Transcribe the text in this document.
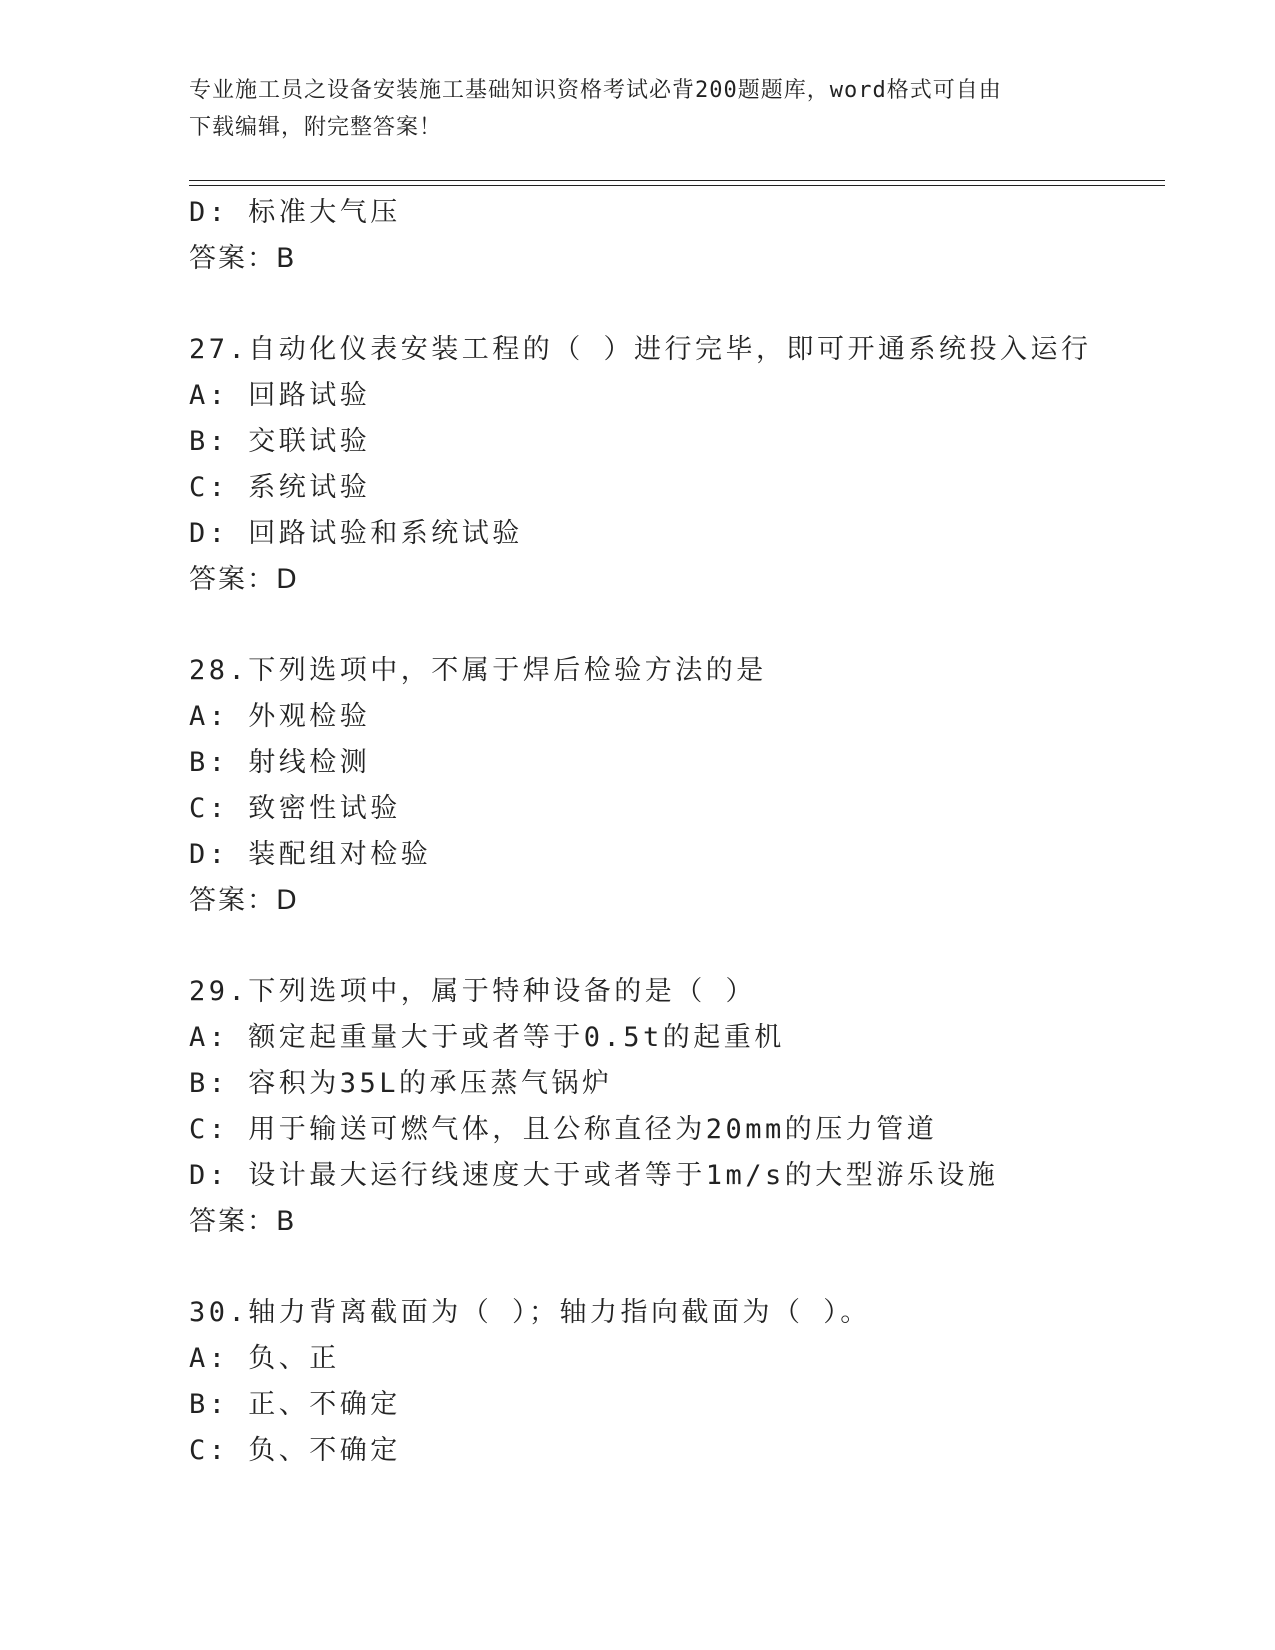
专业施工员之设备安装施工基础知识资格考试必背200题题库，word格式可自由
下载编辑，附完整答案！
D: 标准大气压
答案：B
27.自动化仪表安装工程的（ ）进行完毕，即可开通系统投入运行
A: 回路试验
B: 交联试验
C: 系统试验
D: 回路试验和系统试验
答案：D
28.下列选项中，不属于焊后检验方法的是
A: 外观检验
B: 射线检测
C: 致密性试验
D: 装配组对检验
答案：D
29.下列选项中，属于特种设备的是（ ）
A: 额定起重量大于或者等于0.5t的起重机
B: 容积为35L的承压蒸气锅炉
C: 用于输送可燃气体，且公称直径为20mm的压力管道
D: 设计最大运行线速度大于或者等于1m/s的大型游乐设施
答案：B
30.轴力背离截面为（ ）；轴力指向截面为（ ）。
A: 负、正
B: 正、不确定
C: 负、不确定
